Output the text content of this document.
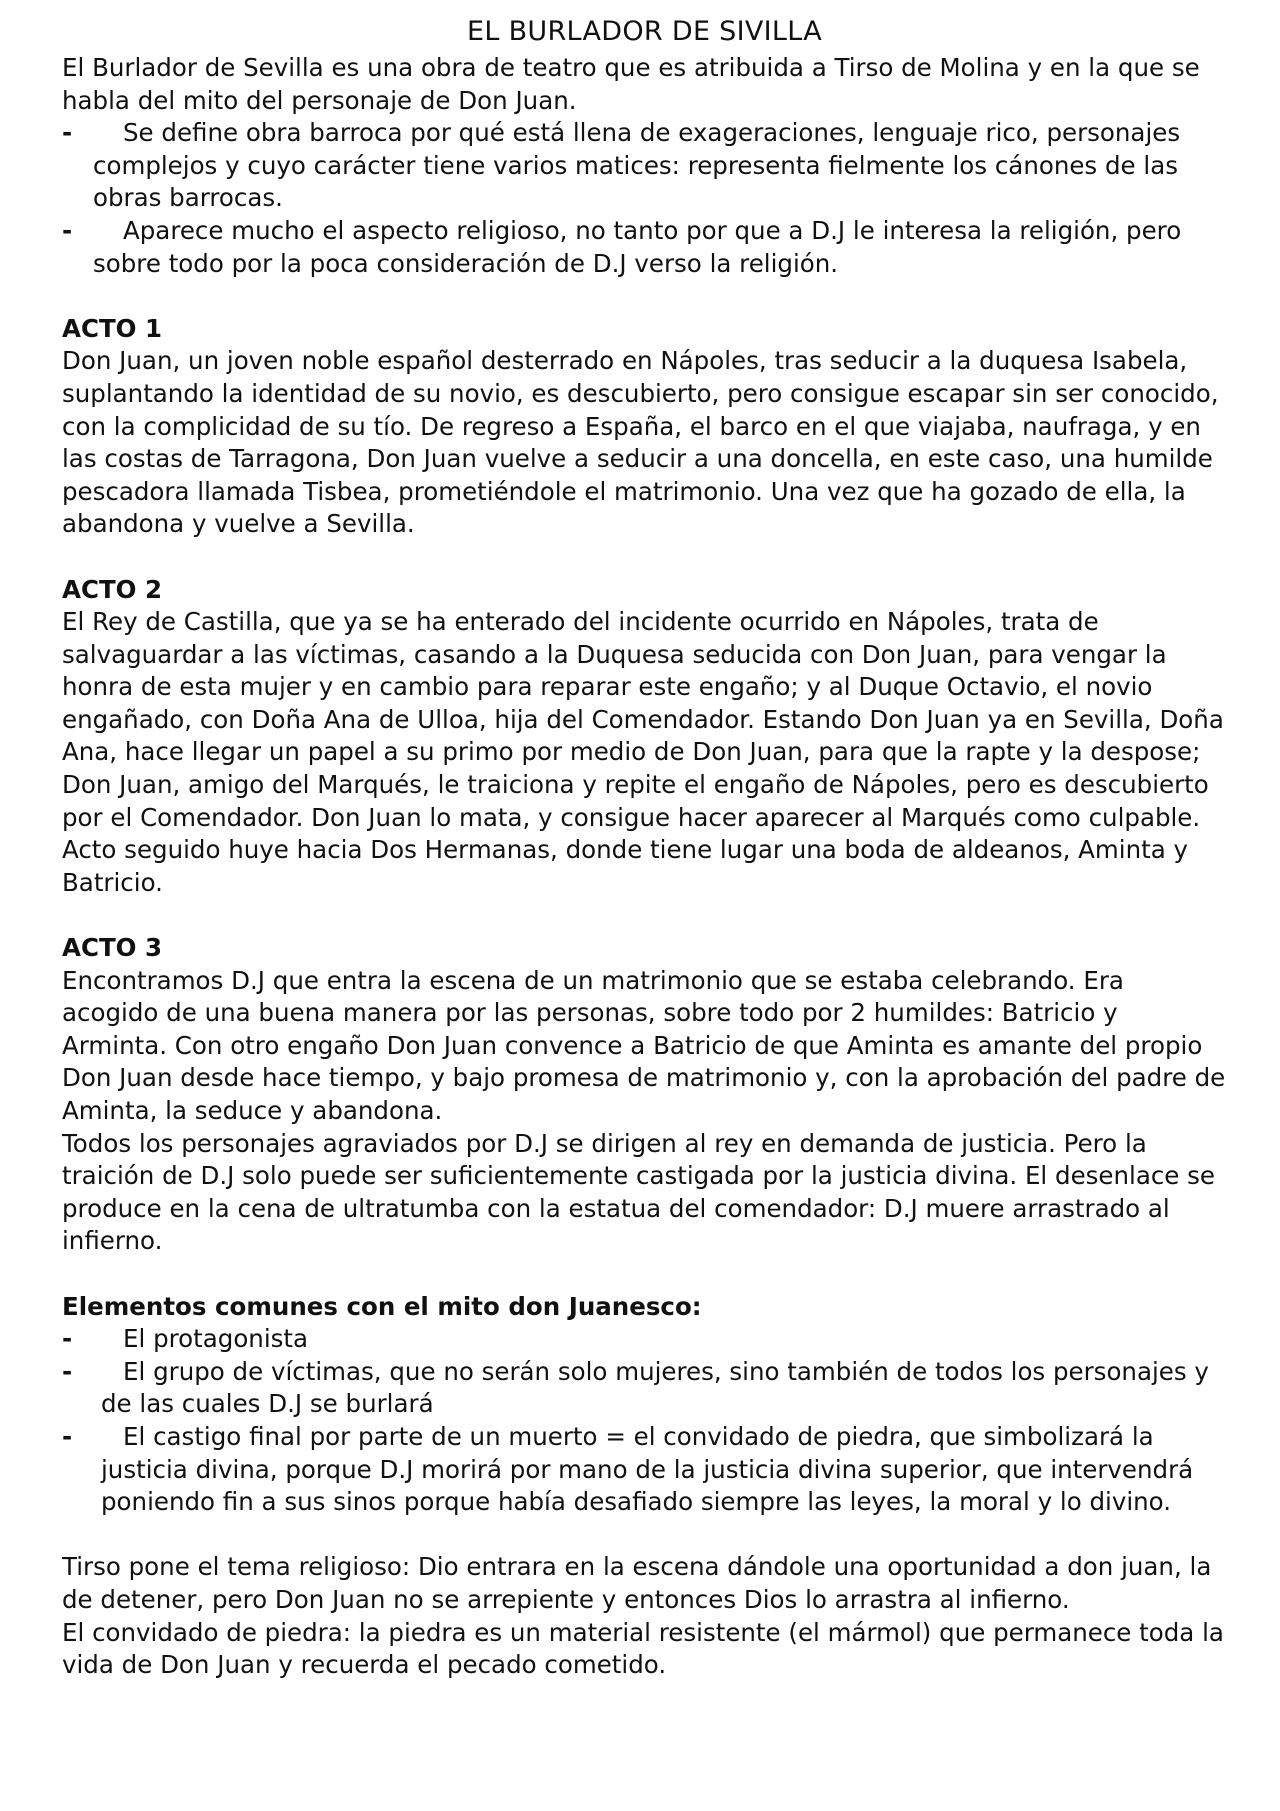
EL BURLADOR DE SIVILLA

El Burlador de Sevilla es una obra de teatro que es atribuida a Tirso de Molina y en la que se habla del mito del personaje de Don Juan.

- Se define obra barroca por qué está llena de exageraciones, lenguaje rico, personajes complejos y cuyo carácter tiene varios matices: representa fielmente los cánones de las obras barrocas.
- Aparece mucho el aspecto religioso, no tanto por que a D.J le interesa la religión, pero sobre todo por la poca consideración de D.J verso la religión.

ACTO 1

Don Juan, un joven noble español desterrado en Nápoles, tras seducir a la duquesa Isabela, suplantando la identidad de su novio, es descubierto, pero consigue escapar sin ser conocido, con la complicidad de su tío. De regreso a España, el barco en el que viajaba, naufraga, y en las costas de Tarragona, Don Juan vuelve a seducir a una doncella, en este caso, una humilde pescadora llamada Tisbea, prometiéndole el matrimonio. Una vez que ha gozado de ella, la abandona y vuelve a Sevilla.

ACTO 2

El Rey de Castilla, que ya se ha enterado del incidente ocurrido en Nápoles, trata de salvaguardar a las víctimas, casando a la Duquesa seducida con Don Juan, para vengar la honra de esta mujer y en cambio para reparar este engaño; y al Duque Octavio, el novio engañado, con Doña Ana de Ulloa, hija del Comendador. Estando Don Juan ya en Sevilla, Doña Ana, hace llegar un papel a su primo por medio de Don Juan, para que la rapte y la despose; Don Juan, amigo del Marqués, le traiciona y repite el engaño de Nápoles, pero es descubierto por el Comendador. Don Juan lo mata, y consigue hacer aparecer al Marqués como culpable. Acto seguido huye hacia Dos Hermanas, donde tiene lugar una boda de aldeanos, Aminta y Batricio.

ACTO 3

Encontramos D.J que entra la escena de un matrimonio que se estaba celebrando. Era acogido de una buena manera por las personas, sobre todo por 2 humildes: Batricio y Arminta. Con otro engaño Don Juan convence a Batricio de que Aminta es amante del propio Don Juan desde hace tiempo, y bajo promesa de matrimonio y, con la aprobación del padre de Aminta, la seduce y abandona.

Todos los personajes agraviados por D.J se dirigen al rey en demanda de justicia. Pero la traición de D.J solo puede ser suficientemente castigada por la justicia divina. El desenlace se produce en la cena de ultratumba con la estatua del comendador: D.J muere arrastrado al infierno.

Elementos comunes con el mito don Juanesco:

- El protagonista
- El grupo de víctimas, que no serán solo mujeres, sino también de todos los personajes y de las cuales D.J se burlará
- El castigo final por parte de un muerto = el convidado de piedra, que simbolizará la justicia divina, porque D.J morirá por mano de la justicia divina superior, que intervendrá poniendo fin a sus sinos porque había desafiado siempre las leyes, la moral y lo divino.

Tirso pone el tema religioso: Dio entrara en la escena dándole una oportunidad a don juan, la de detener, pero Don Juan no se arrepiente y entonces Dios lo arrastra al infierno.

El convidado de piedra: la piedra es un material resistente (el mármol) que permanece toda la vida de Don Juan y recuerda el pecado cometido.
